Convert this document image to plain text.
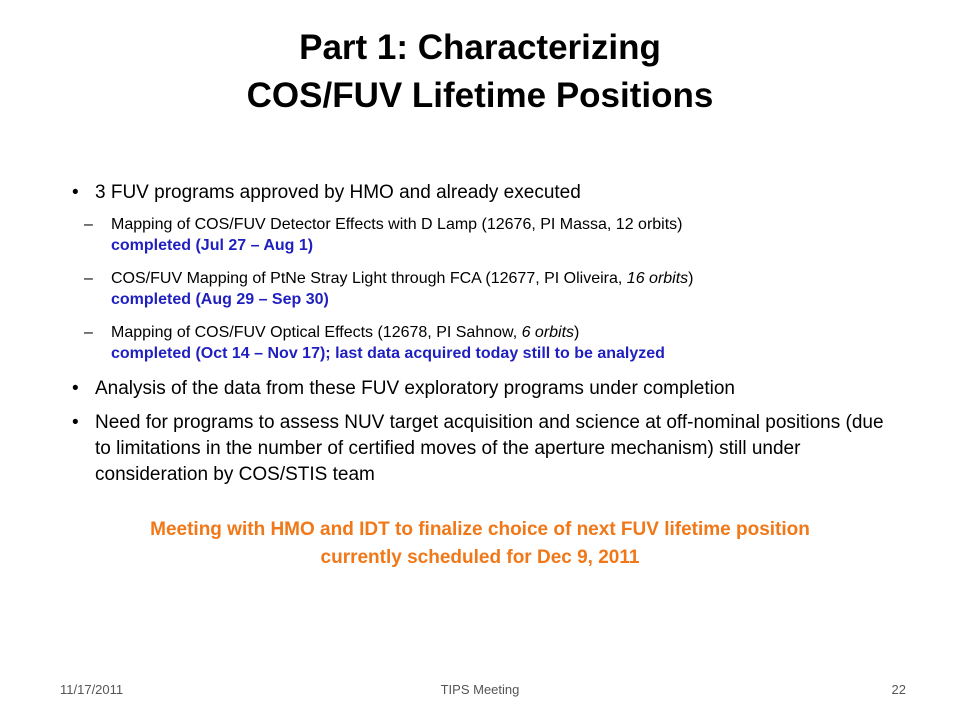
Part 1: Characterizing
COS/FUV Lifetime Positions
• 3 FUV programs approved by HMO and already executed
– Mapping of COS/FUV Detector Effects with D Lamp (12676, PI Massa, 12 orbits)
completed (Jul 27 – Aug 1)
– COS/FUV Mapping of PtNe Stray Light through FCA (12677, PI Oliveira, 16 orbits)
completed (Aug 29 – Sep 30)
– Mapping of COS/FUV Optical Effects (12678, PI Sahnow, 6 orbits)
completed (Oct 14 – Nov 17); last data acquired today still to be analyzed
• Analysis of the data from these FUV exploratory programs under completion
• Need for programs to assess NUV target acquisition and science at off-nominal positions (due to limitations in the number of certified moves of the aperture mechanism) still under consideration by COS/STIS team
Meeting with HMO and IDT to finalize choice of next FUV lifetime position
currently scheduled for Dec 9, 2011
11/17/2011	TIPS Meeting	22
